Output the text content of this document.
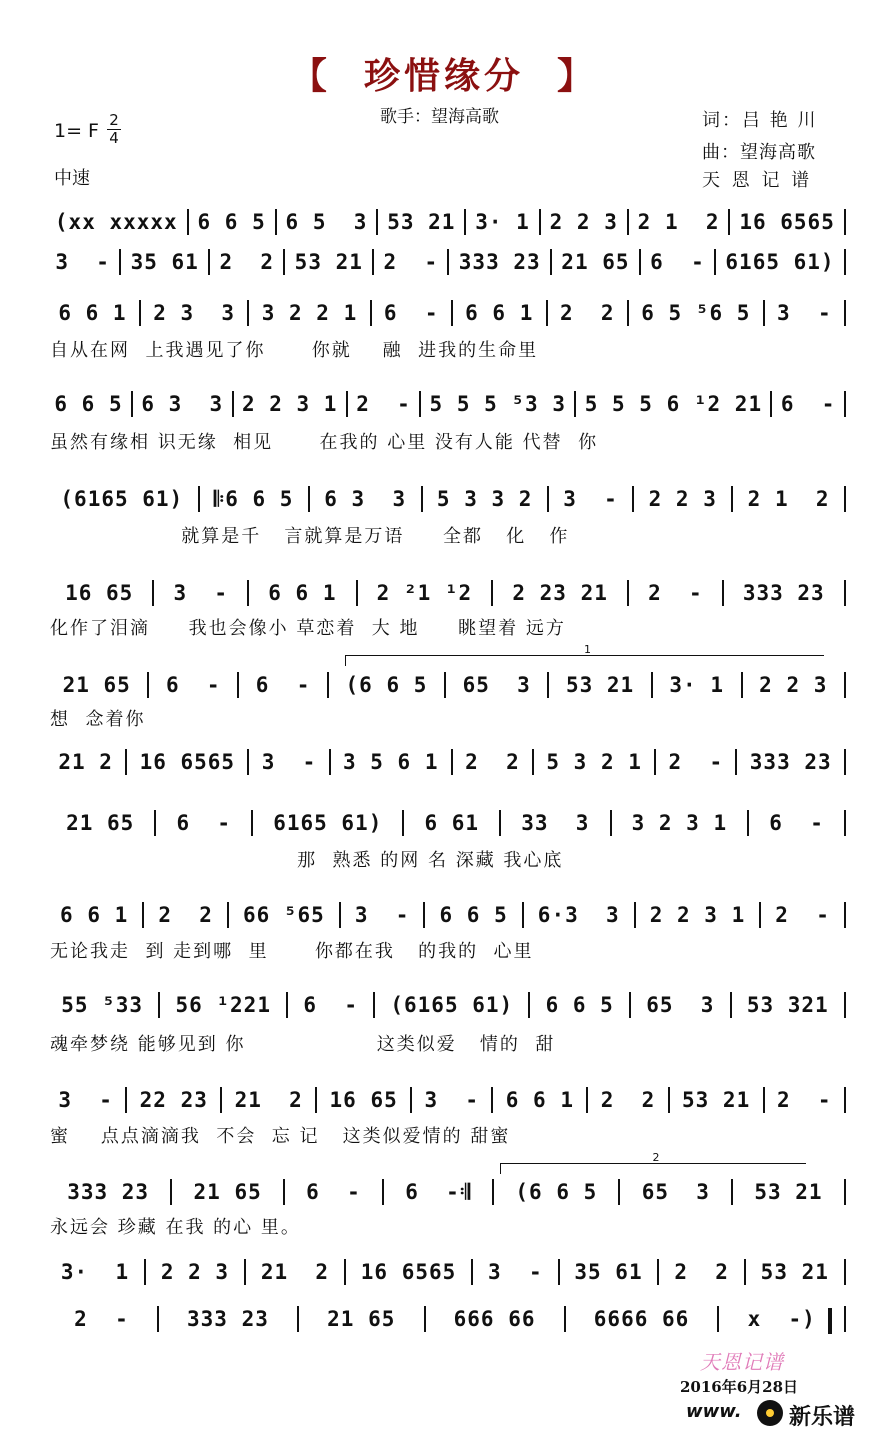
【  珍惜缘分  】
歌手：望海高歌	词：吕 艳 川
曲：望海高歌
天 恩 记 谱
1= F $\frac{2}{4}$
中速
(xx xxxxx 6 6 5 6 5  3 53 21 3· 1 2 2 3 2 1  2 16 6565
3  - 35 61 2  2 53 21 2  - 333 23 21 65 6  - 6165 61)
6 6 1 2 3  3 3 2 2 1 6  - 6 6 1 2  2 6 5 ⁵6 5 3  -
自从在网  上我遇见了你      你就    融  进我的生命里
6 6 5 6 3  3 2 2 3 1 2  - 5 5 5 ⁵3 3 5 5 5 6 ¹2 21 6  -
虽然有缘相 识无缘  相见      在我的 心里 没有人能 代替  你
(6165 61) 𝄆6 6 5 6 3  3 5 3 3 2 3  - 2 2 3 2 1  2
就算是千   言就算是万语     全都   化   作
16 65 3  - 6 6 1 2 ²1 ¹2 2 23 21 2  - 333 23
化作了泪滴     我也会像小 草恋着  大 地     眺望着 远方
21 65 6  - 6  - (6 6 5 65  3 53 21 3· 1 2 2 3
想  念着你
21 2 16 6565 3  - 3 5 6 1 2  2 5 3 2 1 2  - 333 23
21 65 6  - 6165 61) 6 61 33  3 3 2 3 1 6  -
那  熟悉 的网 名 深藏 我心底
6 6 1 2  2 66 ⁵65 3  - 6 6 5 6·3  3 2 2 3 1 2  -
无论我走  到 走到哪  里      你都在我   的我的  心里
55 ⁵33 56 ¹221 6  - (6165 61) 6 6 5 65  3 53 321
魂牵梦绕 能够见到 你                 这类似爱   情的  甜
3  - 22 23 21  2 16 65 3  - 6 6 1 2  2 53 21 2  -
蜜    点点滴滴我  不会  忘 记   这类似爱情的 甜蜜
333 23 21 65 6  - 6  -𝄇 (6 6 5 65  3 53 21
永远会 珍藏 在我 的心 里。
3·  1 2 2 3 21  2 16 6565 3  - 35 61 2  2 53 21
2  -	333 23	21 65	666 66	6666 66	x  -)
1
2
天恩记谱
2016年6月28日
www. 新乐谱
